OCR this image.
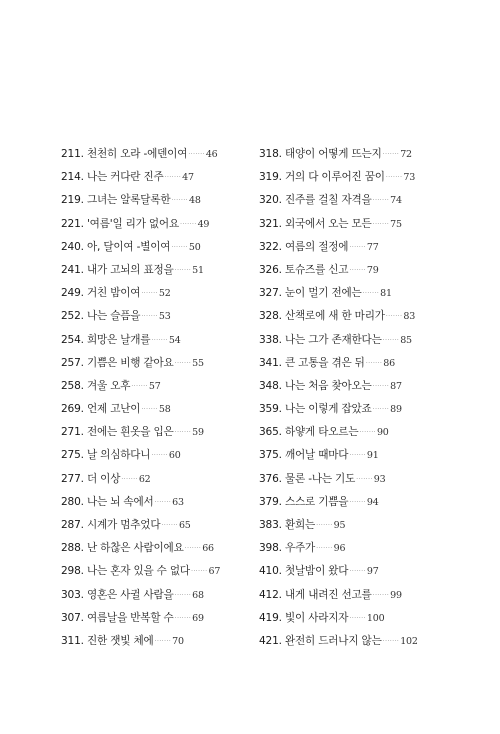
211. 천천히 오라 -에덴이여·······46
214. 나는 커다란 진주·······47
219. 그녀는 알록달록한·······48
221. '여름'일 리가 없어요·······49
240. 아, 달이여 -별이여·······50
241. 내가 고뇌의 표정을·······51
249. 거친 밤이여·······52
252. 나는 슬픔을·······53
254. 희망은 날개를·······54
257. 기쁨은 비행 같아요·······55
258. 겨울 오후·······57
269. 언제 고난이·······58
271. 전에는 흰옷을 입은·······59
275. 날 의심하다니·······60
277. 더 이상·······62
280. 나는 뇌 속에서·······63
287. 시계가 멈추었다·······65
288. 난 하찮은 사람이에요·······66
298. 나는 혼자 있을 수 없다·······67
303. 영혼은 사귈 사람을·······68
307. 여름날을 반복할 수·······69
311. 진한 잿빛 체에·······70
318. 태양이 어떻게 뜨는지·······72
319. 거의 다 이루어진 꿈이·······73
320. 진주를 걸칠 자격을·······74
321. 외국에서 오는 모든·······75
322. 여름의 절정에·······77
326. 토슈즈를 신고·······79
327. 눈이 멀기 전에는·······81
328. 산책로에 새 한 마리가·······83
338. 나는 그가 존재한다는·······85
341. 큰 고통을 겪은 뒤·······86
348. 나는 처음 찾아오는·······87
359. 나는 이렇게 잡았죠·······89
365. 하얗게 타오르는·······90
375. 깨어날 때마다·······91
376. 물론 -나는 기도·······93
379. 스스로 기쁨을·······94
383. 환희는·······95
398. 우주가·······96
410. 첫날밤이 왔다·······97
412. 내게 내려진 선고를·······99
419. 빛이 사라지자·······100
421. 완전히 드러나지 않는·······102
